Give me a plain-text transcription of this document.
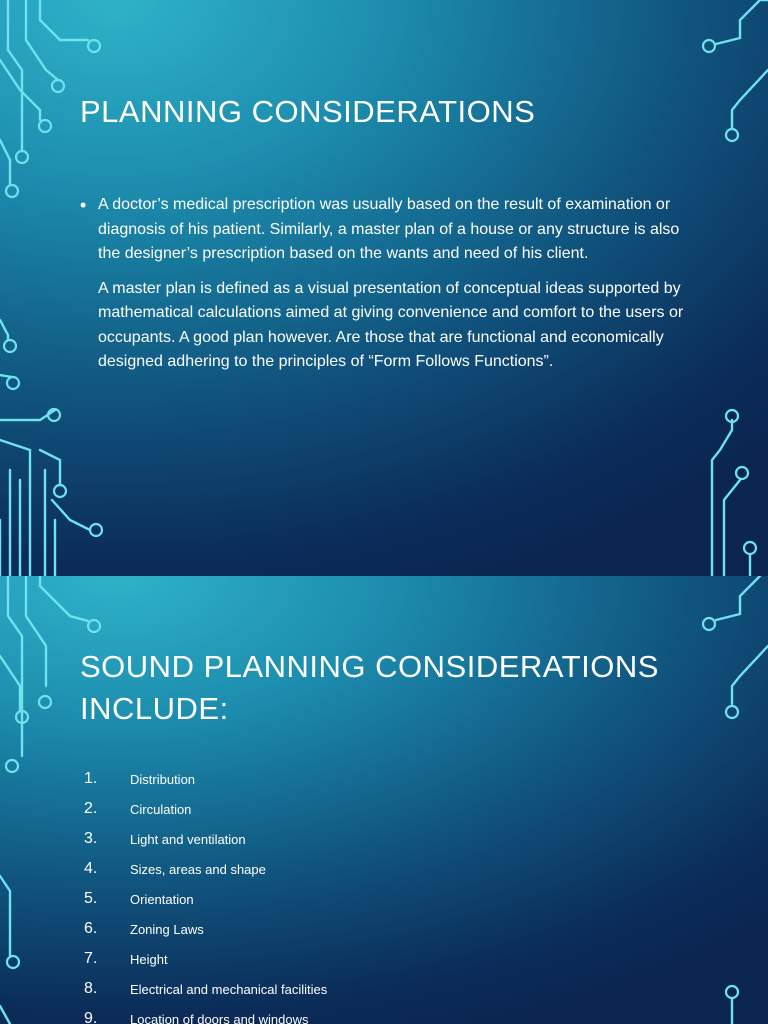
PLANNING CONSIDERATIONS
• A doctor’s medical prescription was usually based on the result of examination or diagnosis of his patient. Similarly, a master plan of a house or any structure is also the designer’s prescription based on the wants and need of his client.

A master plan is defined as a visual presentation of conceptual ideas supported by mathematical calculations aimed at giving convenience and comfort to the users or occupants. A good plan however. Are those that are functional and economically designed adhering to the principles of “Form Follows Functions”.

SOUND PLANNING CONSIDERATIONS INCLUDE:
1.	Distribution
2.	Circulation
3.	Light and ventilation
4.	Sizes, areas and shape
5.	Orientation
6.	Zoning Laws
7.	Height
8.	Electrical and mechanical facilities
9.	Location of doors and windows
